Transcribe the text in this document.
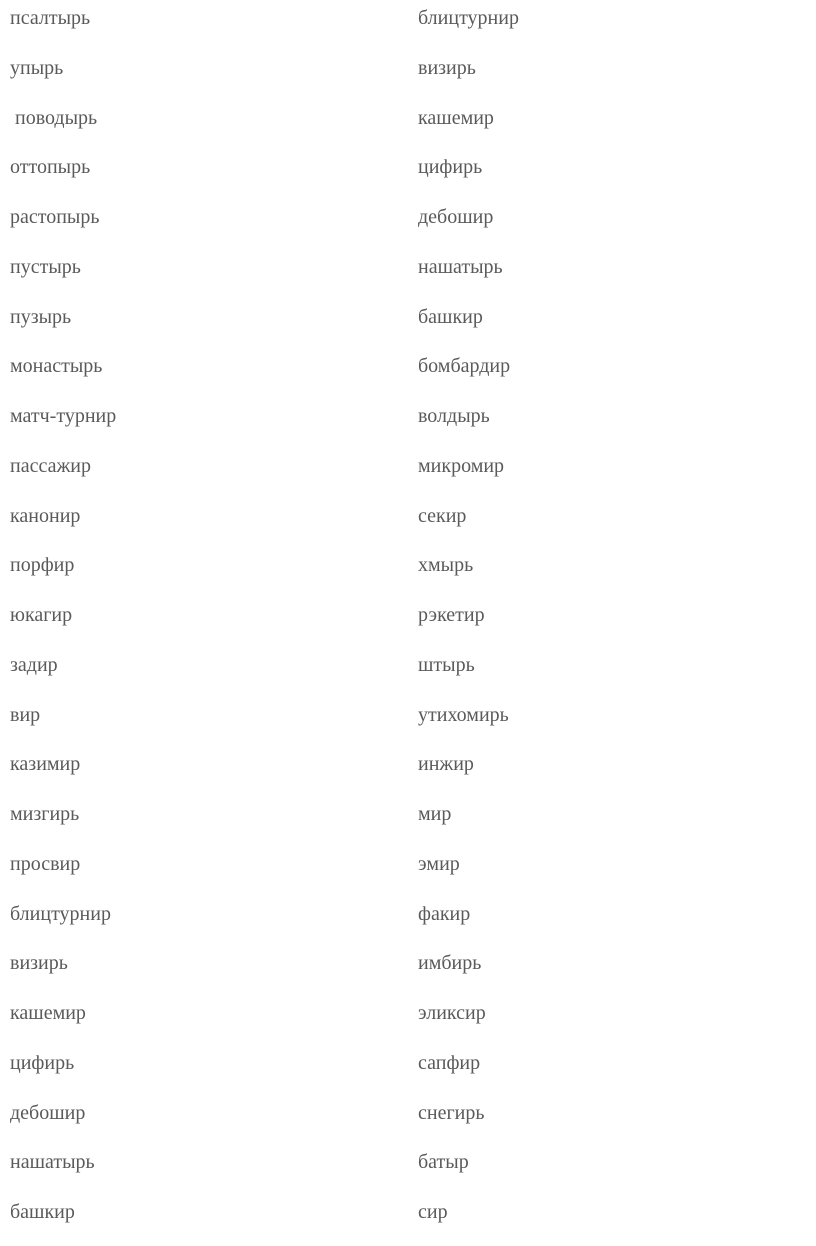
псалтырь
упырь
поводырь
оттопырь
растопырь
пустырь
пузырь
монастырь
матч-турнир
пассажир
канонир
порфир
юкагир
задир
вир
казимир
мизгирь
просвир
блицтурнир
визирь
кашемир
цифирь
дебошир
нашатырь
башкир
блицтурнир
визирь
кашемир
цифирь
дебошир
нашатырь
башкир
бомбардир
волдырь
микромир
секир
хмырь
рэкетир
штырь
утихомирь
инжир
мир
эмир
факир
имбирь
эликсир
сапфир
снегирь
батыр
сир
